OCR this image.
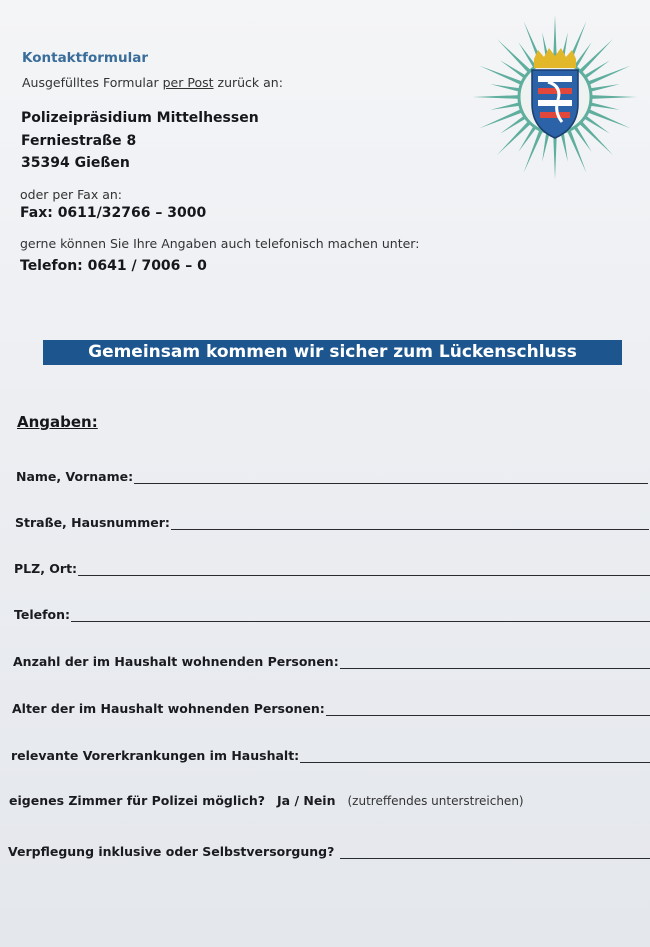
Kontaktformular
Ausgefülltes Formular per Post zurück an:
Polizeipräsidium Mittelhessen
Ferniestraße 8
35394 Gießen
oder per Fax an:
Fax: 0611/32766 – 3000
gerne können Sie Ihre Angaben auch telefonisch machen unter:
Telefon: 0641 / 7006 – 0
Gemeinsam kommen wir sicher zum Lückenschluss
Angaben:
Name, Vorname:
Straße, Hausnummer:
PLZ, Ort:
Telefon:
Anzahl der im Haushalt wohnenden Personen:
Alter der im Haushalt wohnenden Personen:
relevante Vorerkrankungen im Haushalt:
eigenes Zimmer für Polizei möglich? Ja / Nein (zutreffendes unterstreichen)
Verpflegung inklusive oder Selbstversorgung?
